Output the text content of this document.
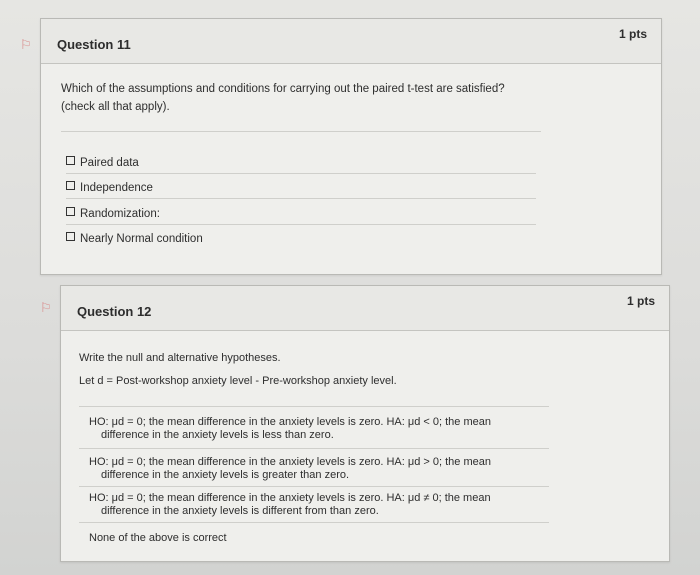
⚐ Question 11
1 pts
Which of the assumptions and conditions for carrying out the paired t-test are satisfied?
(check all that apply).
Paired data
Independence
Randomization:
Nearly Normal condition
⚐ Question 12
1 pts
Write the null and alternative hypotheses.
Let d = Post-workshop anxiety level - Pre-workshop anxiety level.
HO: μd = 0; the mean difference in the anxiety levels is zero. HA: μd < 0; the mean
difference in the anxiety levels is less than zero.
HO: μd = 0; the mean difference in the anxiety levels is zero. HA: μd > 0; the mean
difference in the anxiety levels is greater than zero.
HO: μd = 0; the mean difference in the anxiety levels is zero. HA: μd ≠ 0; the mean
difference in the anxiety levels is different from than zero.
None of the above is correct
